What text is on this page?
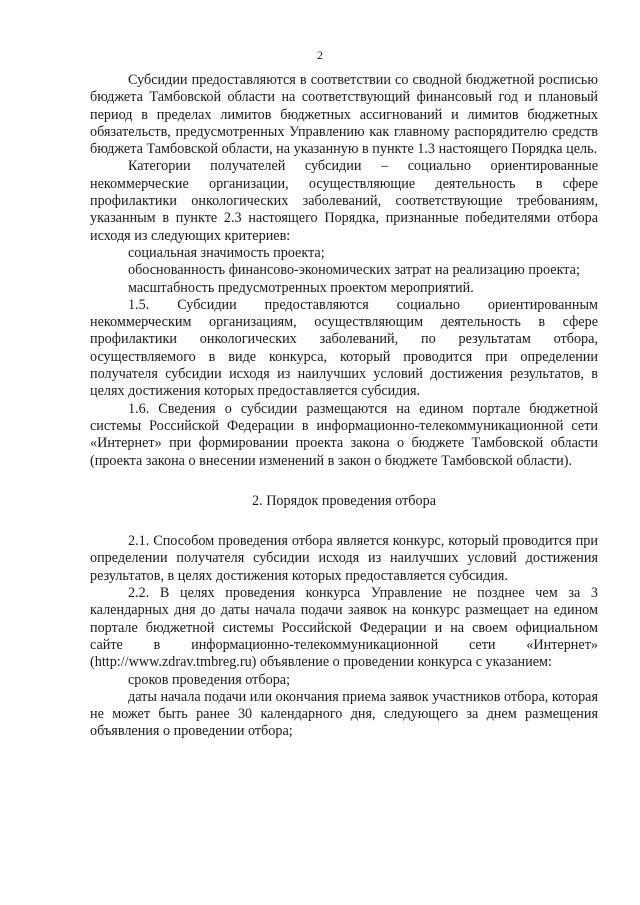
2

Субсидии предоставляются в соответствии со сводной бюджетной росписью бюджета Тамбовской области на соответствующий финансовый год и плановый период в пределах лимитов бюджетных ассигнований и лимитов бюджетных обязательств, предусмотренных Управлению как главному распорядителю средств бюджета Тамбовской области, на указанную в пункте 1.3 настоящего Порядка цель.

Категории получателей субсидии – социально ориентированные некоммерческие организации, осуществляющие деятельность в сфере профилактики онкологических заболеваний, соответствующие требованиям, указанным в пункте 2.3 настоящего Порядка, признанные победителями отбора исходя из следующих критериев:

социальная значимость проекта;

обоснованность финансово-экономических затрат на реализацию проекта;

масштабность предусмотренных проектом мероприятий.

1.5. Субсидии предоставляются социально ориентированным некоммерческим организациям, осуществляющим деятельность в сфере профилактики онкологических заболеваний, по результатам отбора, осуществляемого в виде конкурса, который проводится при определении получателя субсидии исходя из наилучших условий достижения результатов, в целях достижения которых предоставляется субсидия.

1.6. Сведения о субсидии размещаются на едином портале бюджетной системы Российской Федерации в информационно-телекоммуникационной сети «Интернет» при формировании проекта закона о бюджете Тамбовской области (проекта закона о внесении изменений в закон о бюджете Тамбовской области).

2. Порядок проведения отбора

2.1. Способом проведения отбора является конкурс, который проводится при определении получателя субсидии исходя из наилучших условий достижения результатов, в целях достижения которых предоставляется субсидия.

2.2. В целях проведения конкурса Управление не позднее чем за 3 календарных дня до даты начала подачи заявок на конкурс размещает на едином портале бюджетной системы Российской Федерации и на своем официальном сайте в информационно-телекоммуникационной сети «Интернет» (http://www.zdrav.tmbreg.ru) объявление о проведении конкурса с указанием:

сроков проведения отбора;

даты начала подачи или окончания приема заявок участников отбора, которая не может быть ранее 30 календарного дня, следующего за днем размещения объявления о проведении отбора;
